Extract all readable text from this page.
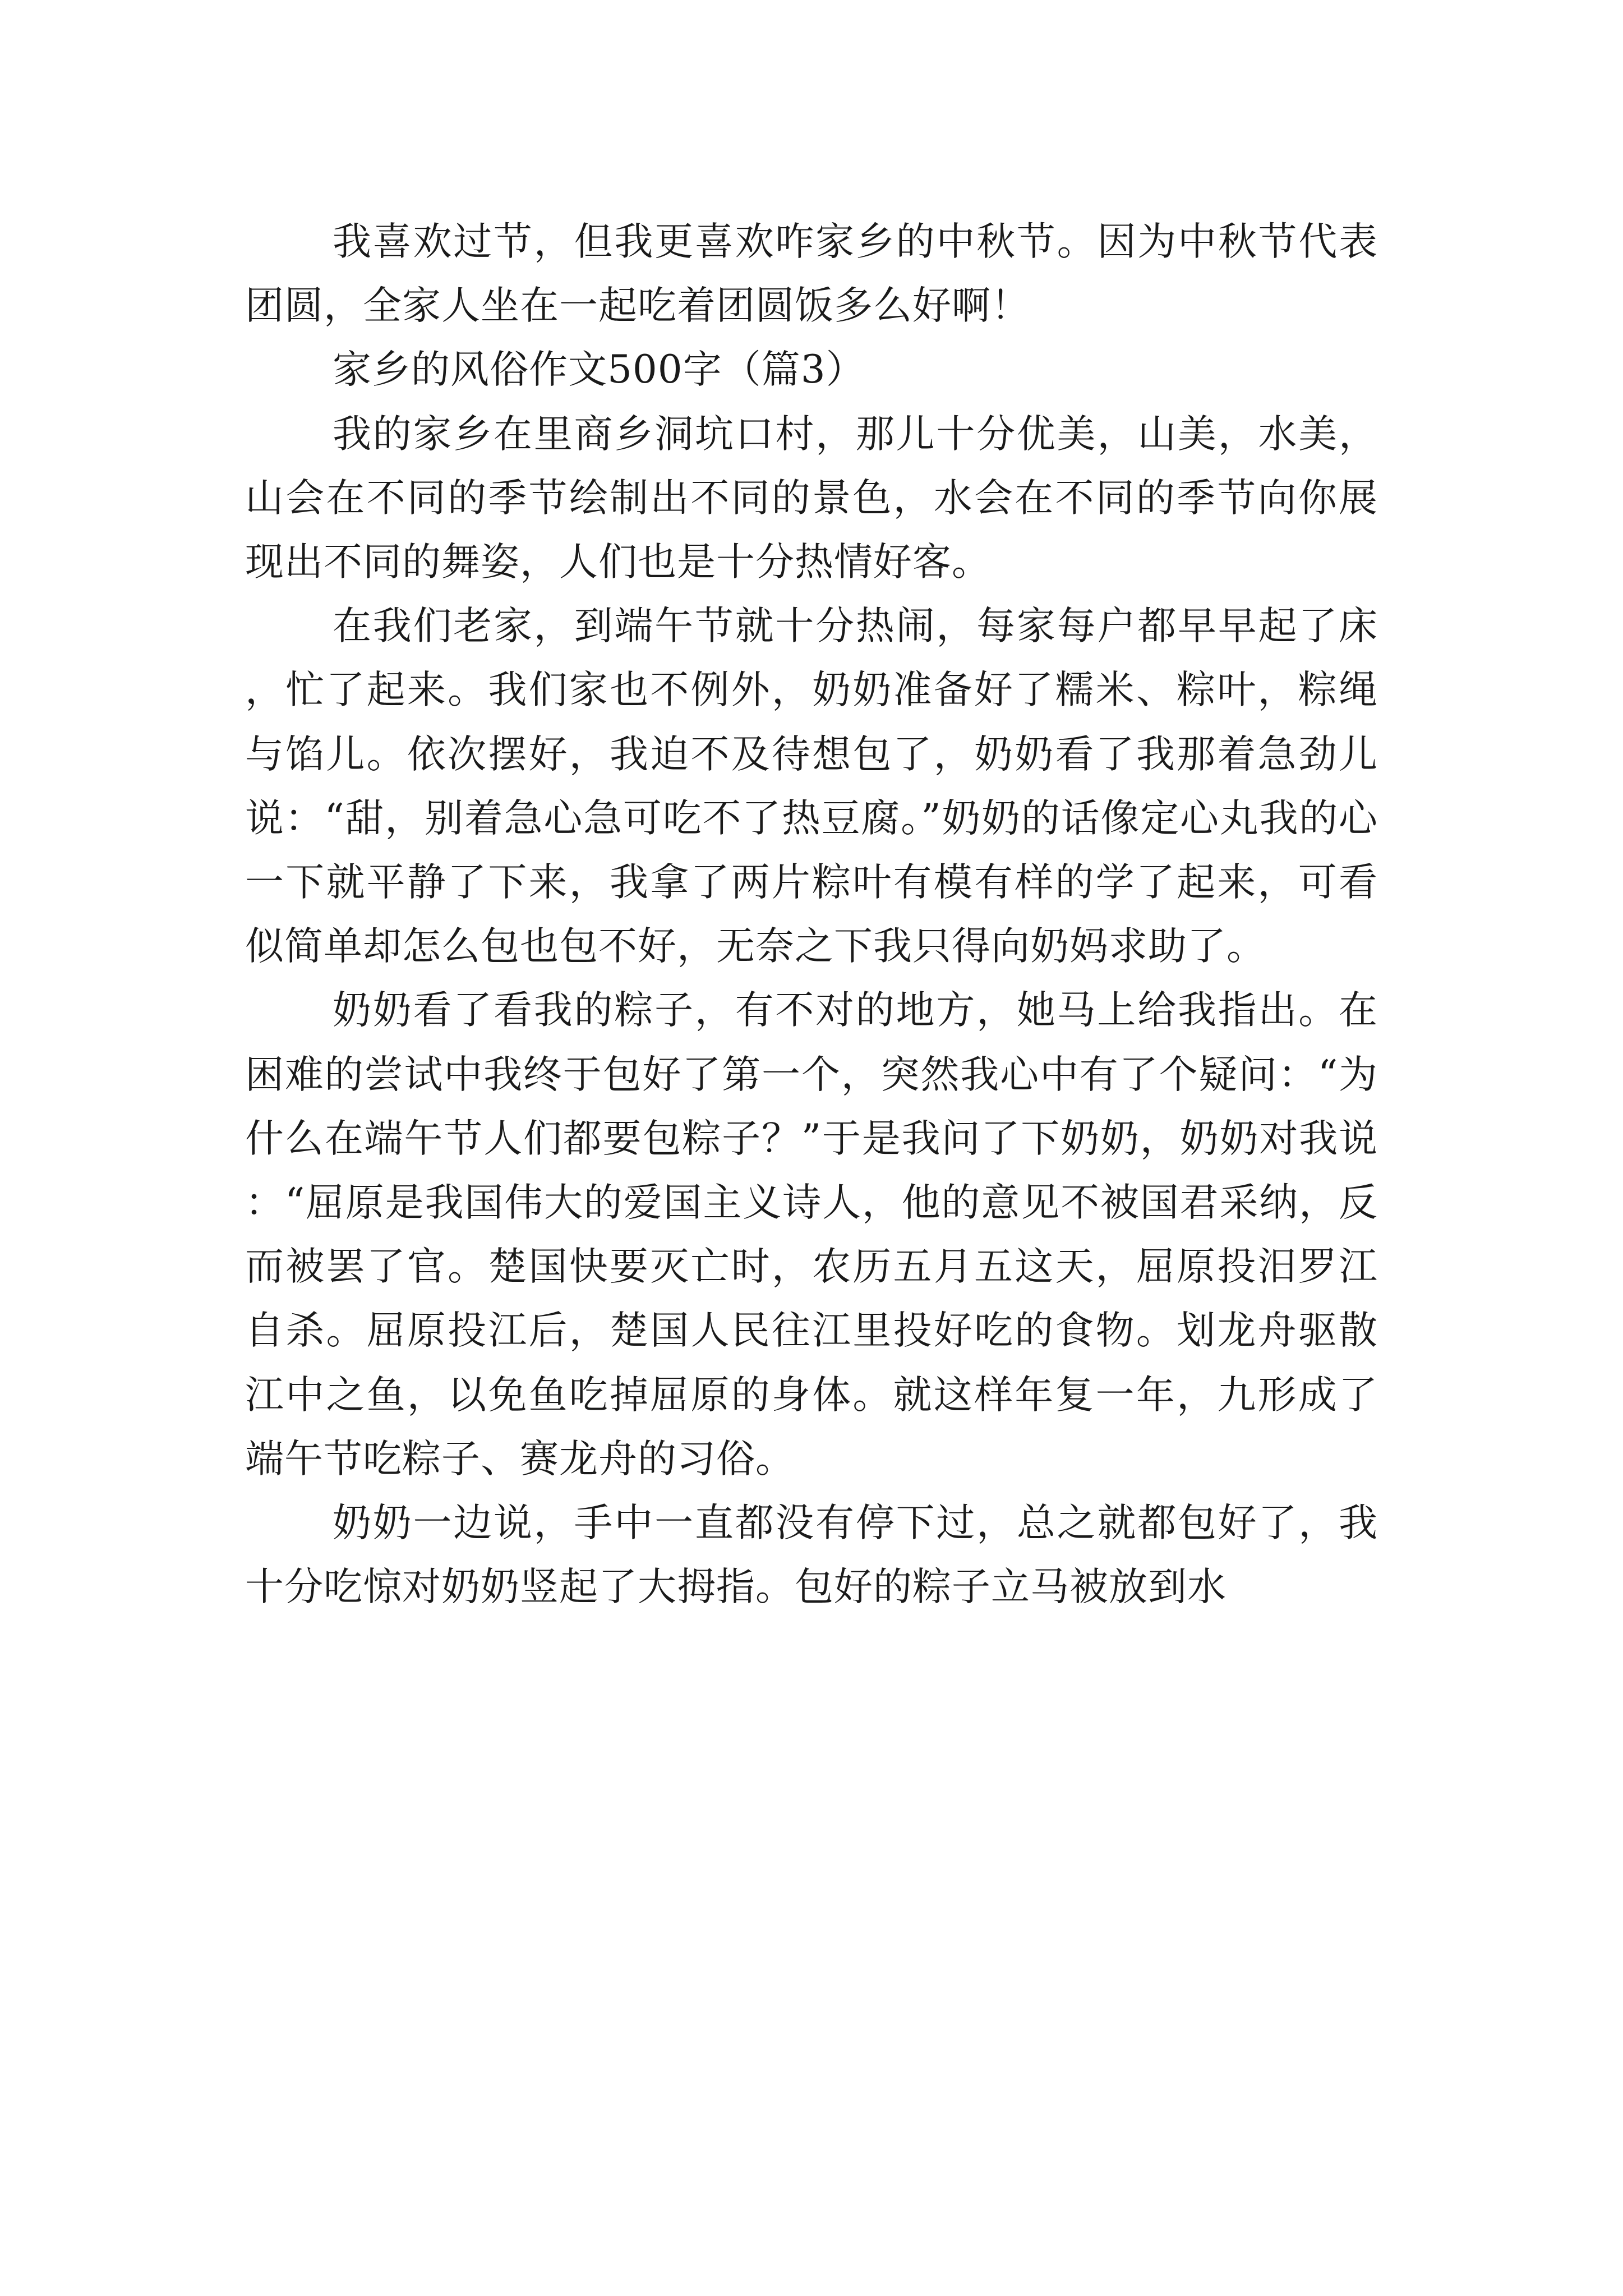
我喜欢过节，但我更喜欢咋家乡的中秋节。因为中秋节代表团圆，全家人坐在一起吃着团圆饭多么好啊！

家乡的风俗作文500字（篇3）

我的家乡在里商乡洞坑口村，那儿十分优美，山美，水美，山会在不同的季节绘制出不同的景色，水会在不同的季节向你展现出不同的舞姿，人们也是十分热情好客。

在我们老家，到端午节就十分热闹，每家每户都早早起了床，忙了起来。我们家也不例外，奶奶准备好了糯米、粽叶，粽绳与馅儿。依次摆好，我迫不及待想包了，奶奶看了我那着急劲儿说：“甜，别着急心急可吃不了热豆腐。”奶奶的话像定心丸我的心一下就平静了下来，我拿了两片粽叶有模有样的学了起来，可看似简单却怎么包也包不好，无奈之下我只得向奶妈求助了。

奶奶看了看我的粽子，有不对的地方，她马上给我指出。在困难的尝试中我终于包好了第一个，突然我心中有了个疑问：“为什么在端午节人们都要包粽子？”于是我问了下奶奶，奶奶对我说：“屈原是我国伟大的爱国主义诗人，他的意见不被国君采纳，反而被罢了官。楚国快要灭亡时，农历五月五这天，屈原投汨罗江自杀。屈原投江后，楚国人民往江里投好吃的食物。划龙舟驱散江中之鱼，以免鱼吃掉屈原的身体。就这样年复一年，九形成了端午节吃粽子、赛龙舟的习俗。

奶奶一边说，手中一直都没有停下过，总之就都包好了，我十分吃惊对奶奶竖起了大拇指。包好的粽子立马被放到水
